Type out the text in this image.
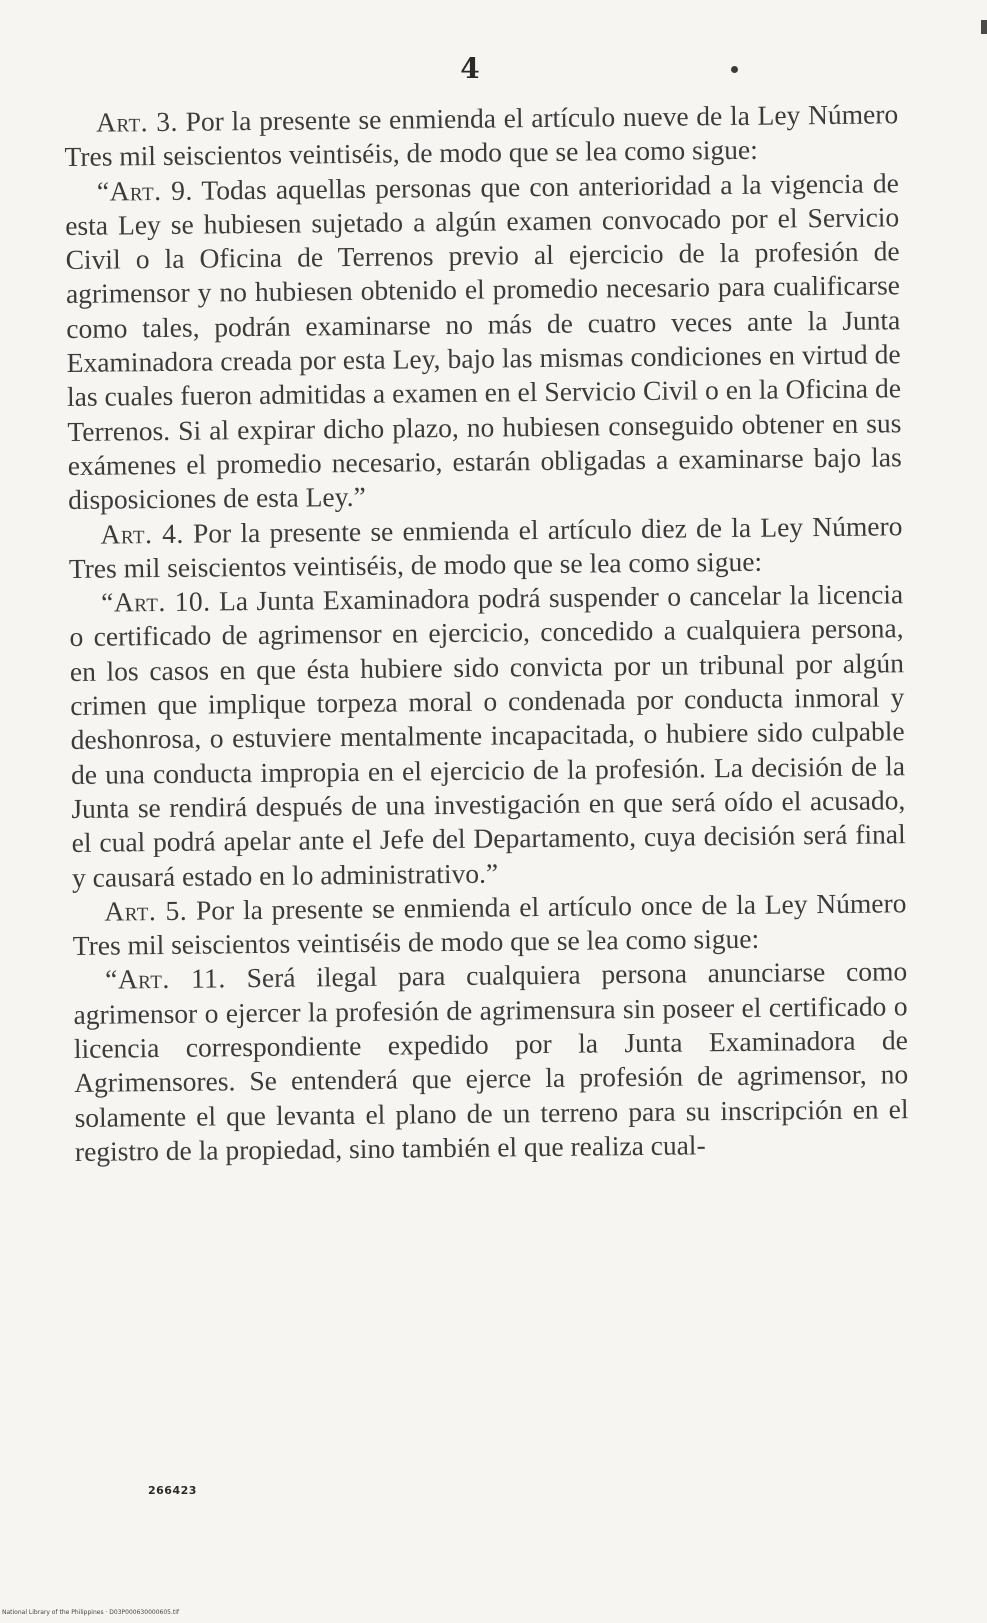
4

Art. 3. Por la presente se enmienda el artículo nueve de la Ley Número Tres mil seiscientos veintiséis, de modo que se lea como sigue:

“Art. 9. Todas aquellas personas que con anterioridad a la vigencia de esta Ley se hubiesen sujetado a algún examen convocado por el Servicio Civil o la Oficina de Terrenos previo al ejercicio de la profesión de agrimensor y no hubiesen obtenido el promedio necesario para cualificarse como tales, podrán examinarse no más de cuatro veces ante la Junta Examinadora creada por esta Ley, bajo las mismas condiciones en virtud de las cuales fueron admitidas a examen en el Servicio Civil o en la Oficina de Terrenos. Si al expirar dicho plazo, no hubiesen conseguido obtener en sus exámenes el promedio necesario, estarán obligadas a examinarse bajo las disposiciones de esta Ley.”

Art. 4. Por la presente se enmienda el artículo diez de la Ley Número Tres mil seiscientos veintiséis, de modo que se lea como sigue:

“Art. 10. La Junta Examinadora podrá suspender o cancelar la licencia o certificado de agrimensor en ejercicio, concedido a cualquiera persona, en los casos en que ésta hubiere sido convicta por un tribunal por algún crimen que implique torpeza moral o condenada por conducta inmoral y deshonrosa, o estuviere mentalmente incapacitada, o hubiere sido culpable de una conducta impropia en el ejercicio de la profesión. La decisión de la Junta se rendirá después de una investigación en que será oído el acusado, el cual podrá apelar ante el Jefe del Departamento, cuya decisión será final y causará estado en lo administrativo.”

Art. 5. Por la presente se enmienda el artículo once de la Ley Número Tres mil seiscientos veintiséis de modo que se lea como sigue:

“Art. 11. Será ilegal para cualquiera persona anunciarse como agrimensor o ejercer la profesión de agrimensura sin poseer el certificado o licencia correspondiente expedido por la Junta Examinadora de Agrimensores. Se entenderá que ejerce la profesión de agrimensor, no solamente el que levanta el plano de un terreno para su inscripción en el registro de la propiedad, sino también el que realiza cual-

266423
National Library of the Philippines · D03P000630000605.tif
